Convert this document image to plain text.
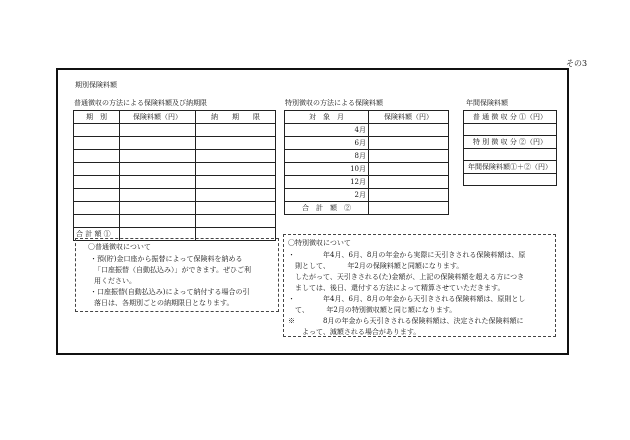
その3
期別保険料額
普通徴収の方法による保険料額及び納期限
期　別	保険料額（円）	納　　期　　限

合 計 額 ①		
特別徴収の方法による保険料額
対　象　月	保険料額（円）
4月	
6月	
8月	
10月	
12月	
2月	
合　計　額　②	
年間保険料額
普 通 徴 収 分 ①（円）

特 別 徴 収 分 ②（円）

年間保険料額①＋②（円）

〇普通徴収について
・預(貯)金口座から振替によって保険料を納める
「口座振替（自動払込み）」ができます。ぜひご利
用ください。
・口座振替(自動払込み)によって納付する場合の引
落日は、各期別ごとの納期限日となります。
〇特別徴収について
・　　　　年4月、6月、8月の年金から実際に天引きされる保険料額は、原
　則として、　　　年2月の保険料額と同額になります。
　したがって、天引きされる(た)金額が、上記の保険料額を超える方につき
　ましては、後日、還付する方法によって精算させていただきます。
・　　　　年4月、6月、8月の年金から天引きされる保険料額は、原則とし
　て、　　　年2月の特別徴収額と同じ額になります。
※　　　　8月の年金から天引きされる保険料額は、決定された保険料額に
　　よって、減額される場合があります。
